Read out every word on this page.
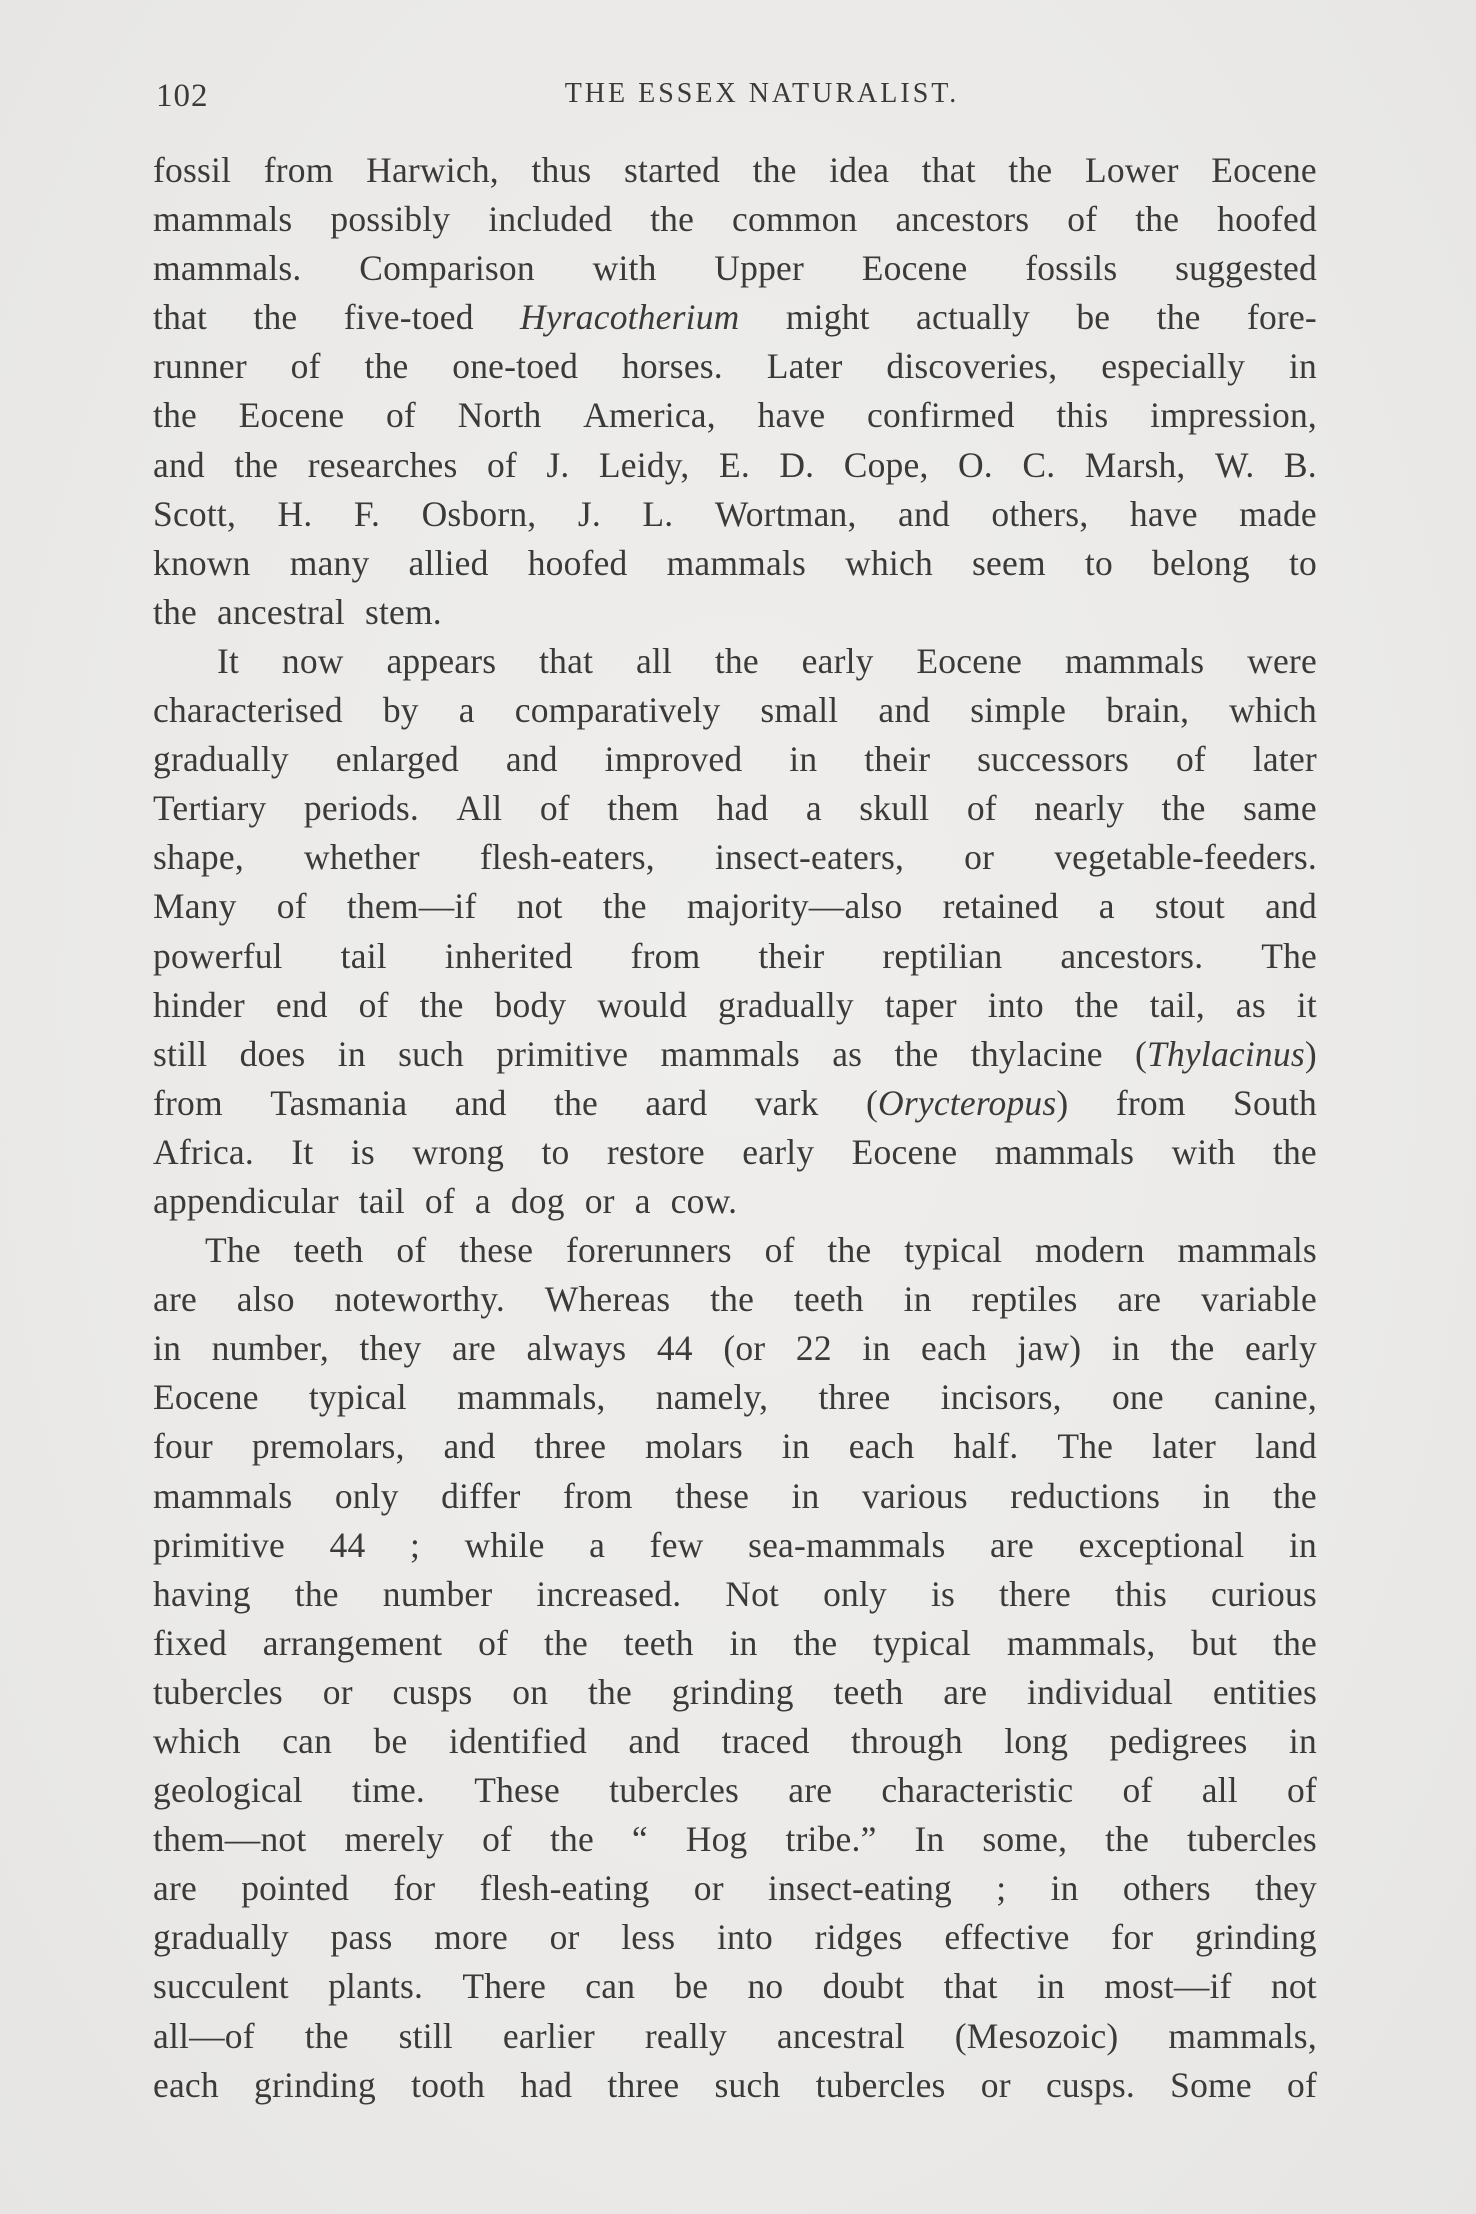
102	THE ESSEX NATURALIST.
fossil from Harwich, thus started the idea that the Lower Eocene
mammals possibly included the common ancestors of the hoofed
mammals. Comparison with Upper Eocene fossils suggested
that the five-toed Hyracotherium might actually be the fore-
runner of the one-toed horses. Later discoveries, especially in
the Eocene of North America, have confirmed this impression,
and the researches of J. Leidy, E. D. Cope, O. C. Marsh, W. B.
Scott, H. F. Osborn, J. L. Wortman, and others, have made
known many allied hoofed mammals which seem to belong to
the ancestral stem.
It now appears that all the early Eocene mammals were
characterised by a comparatively small and simple brain, which
gradually enlarged and improved in their successors of later
Tertiary periods. All of them had a skull of nearly the same
shape, whether flesh-eaters, insect-eaters, or vegetable-feeders.
Many of them—if not the majority—also retained a stout and
powerful tail inherited from their reptilian ancestors. The
hinder end of the body would gradually taper into the tail, as it
still does in such primitive mammals as the thylacine (Thylacinus)
from Tasmania and the aard vark (Orycteropus) from South
Africa. It is wrong to restore early Eocene mammals with the
appendicular tail of a dog or a cow.
The teeth of these forerunners of the typical modern mammals
are also noteworthy. Whereas the teeth in reptiles are variable
in number, they are always 44 (or 22 in each jaw) in the early
Eocene typical mammals, namely, three incisors, one canine,
four premolars, and three molars in each half. The later land
mammals only differ from these in various reductions in the
primitive 44 ; while a few sea-mammals are exceptional in
having the number increased. Not only is there this curious
fixed arrangement of the teeth in the typical mammals, but the
tubercles or cusps on the grinding teeth are individual entities
which can be identified and traced through long pedigrees in
geological time. These tubercles are characteristic of all of
them—not merely of the “ Hog tribe.” In some, the tubercles
are pointed for flesh-eating or insect-eating ; in others they
gradually pass more or less into ridges effective for grinding
succulent plants. There can be no doubt that in most—if not
all—of the still earlier really ancestral (Mesozoic) mammals,
each grinding tooth had three such tubercles or cusps. Some of
